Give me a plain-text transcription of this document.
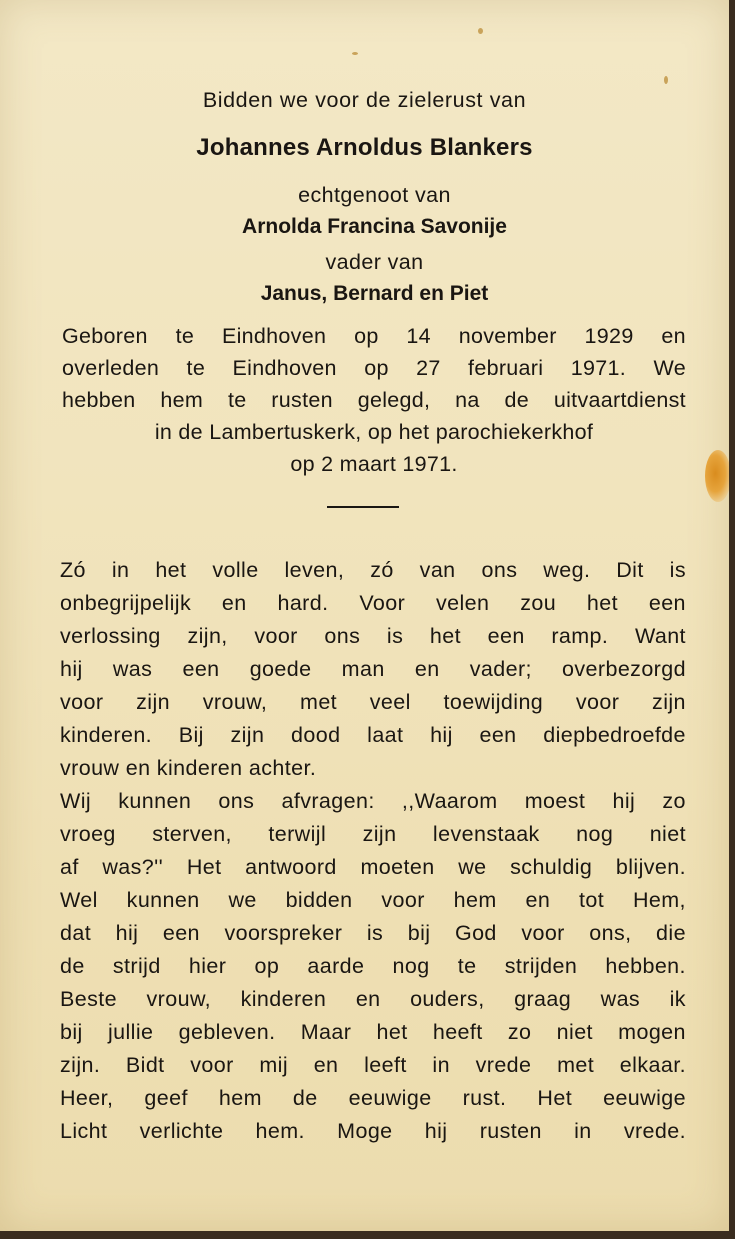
Bidden we voor de zielerust van
Johannes Arnoldus Blankers
echtgenoot van
Arnolda Francina Savonije
vader van
Janus, Bernard en Piet
Geboren te Eindhoven op 14 november 1929 en
overleden te Eindhoven op 27 februari 1971. We
hebben hem te rusten gelegd, na de uitvaartdienst
in de Lambertuskerk, op het parochiekerkhof
op 2 maart 1971.
Zó in het volle leven, zó van ons weg. Dit is
onbegrijpelijk en hard. Voor velen zou het een
verlossing zijn, voor ons is het een ramp. Want
hij was een goede man en vader; overbezorgd
voor zijn vrouw, met veel toewijding voor zijn
kinderen. Bij zijn dood laat hij een diepbedroefde
vrouw en kinderen achter.
Wij kunnen ons afvragen: ,,Waarom moest hij zo
vroeg sterven, terwijl zijn levenstaak nog niet
af was?'' Het antwoord moeten we schuldig blijven.
Wel kunnen we bidden voor hem en tot Hem,
dat hij een voorspreker is bij God voor ons, die
de strijd hier op aarde nog te strijden hebben.
Beste vrouw, kinderen en ouders, graag was ik
bij jullie gebleven. Maar het heeft zo niet mogen
zijn. Bidt voor mij en leeft in vrede met elkaar.
Heer, geef hem de eeuwige rust. Het eeuwige
Licht verlichte hem. Moge hij rusten in vrede.
